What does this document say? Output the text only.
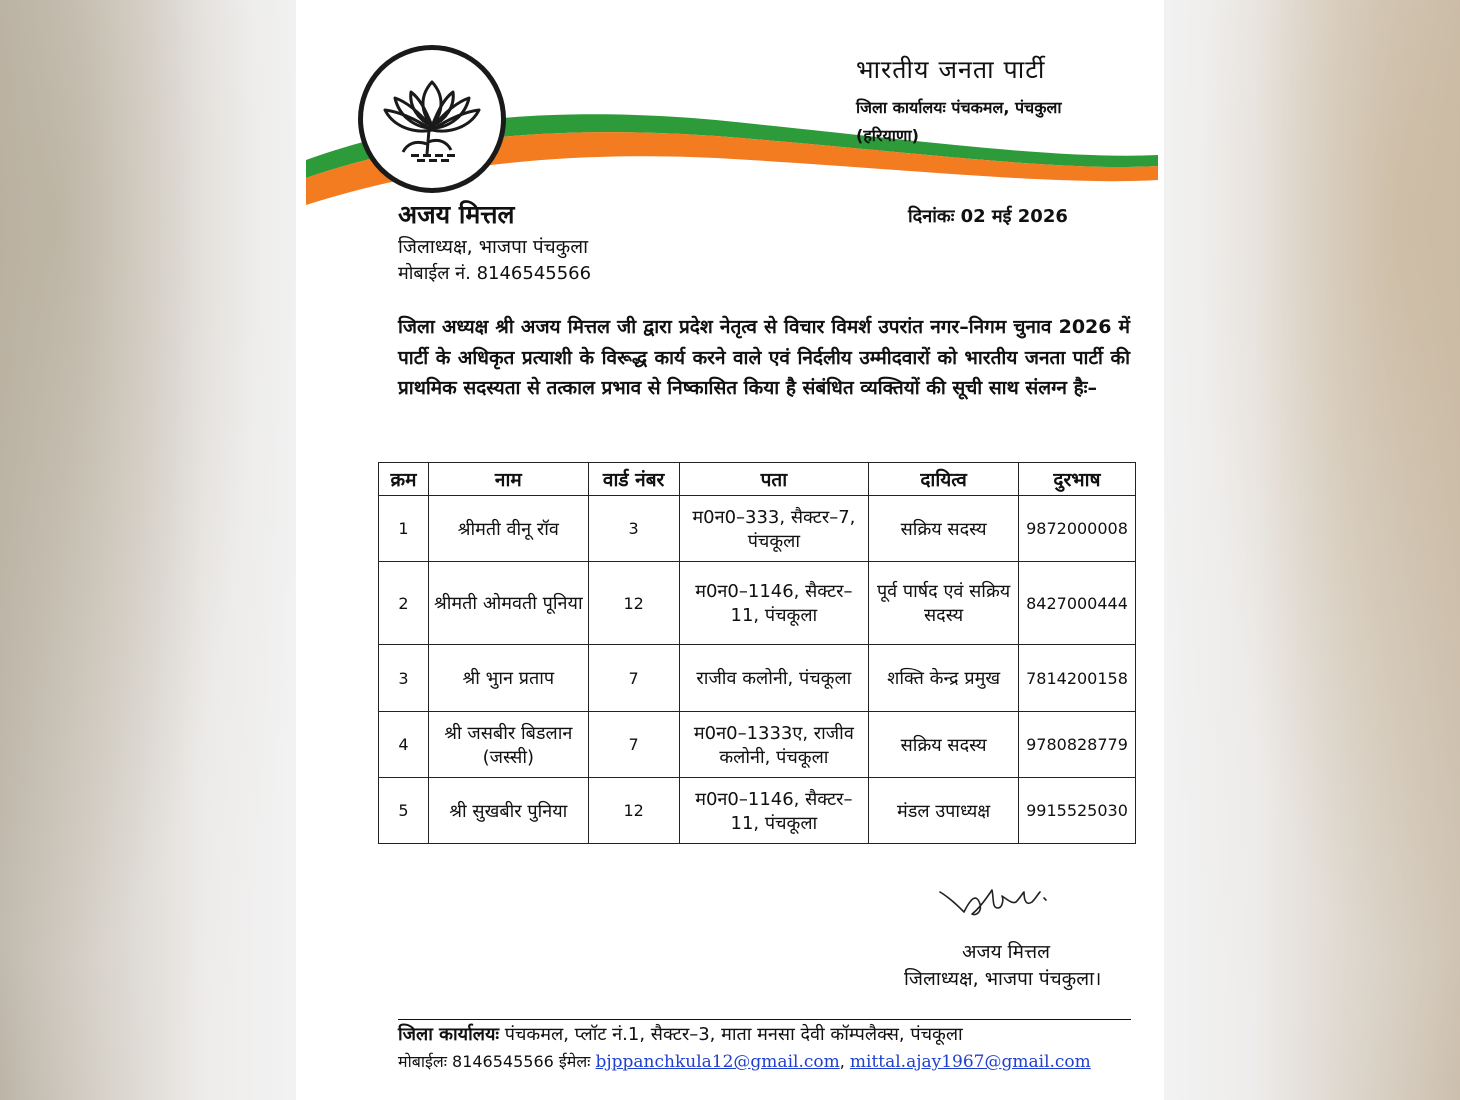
भारतीय जनता पार्टी
जिला कार्यालयः पंचकमल, पंचकुला
(हरियाणा)
अजय मित्तल	दिनांकः 02 मई 2026
जिलाध्यक्ष, भाजपा पंचकुला
मोबाईल नं. 8146545566
जिला अध्यक्ष श्री अजय मित्तल जी द्वारा प्रदेश नेतृत्व से विचार विमर्श उपरांत नगर–निगम चुनाव 2026 में पार्टी के अधिकृत प्रत्याशी के विरूद्ध कार्य करने वाले एवं निर्दलीय उम्मीदवारों को भारतीय जनता पार्टी की प्राथमिक सदस्यता से तत्काल प्रभाव से निष्कासित किया है संबंधित व्यक्तियों की सूची साथ संलग्न हैः–
क्रम	नाम	वार्ड नंबर	पता	दायित्व	दुरभाष
1	श्रीमती वीनू रॉव	3	म0न0–333, सैक्टर–7, पंचकूला	सक्रिय सदस्य	9872000008
2	श्रीमती ओमवती पूनिया	12	म0न0–1146, सैक्टर–11, पंचकूला	पूर्व पार्षद एवं सक्रिय सदस्य	8427000444
3	श्री भुान प्रताप	7	राजीव कलोनी, पंचकूला	शक्ति केन्द्र प्रमुख	7814200158
4	श्री जसबीर बिडलान (जस्सी)	7	म0न0–1333ए, राजीव कलोनी, पंचकूला	सक्रिय सदस्य	9780828779
5	श्री सुखबीर पुनिया	12	म0न0–1146, सैक्टर–11, पंचकूला	मंडल उपाध्यक्ष	9915525030
अजय मित्तल
जिलाध्यक्ष, भाजपा पंचकुला।
जिला कार्यालयः पंचकमल, प्लॉट नं.1, सैक्टर–3, माता मनसा देवी कॉम्पलैक्स, पंचकूला
मोबाईलः 8146545566 ईमेलः bjppanchkula12@gmail.com, mittal.ajay1967@gmail.com
